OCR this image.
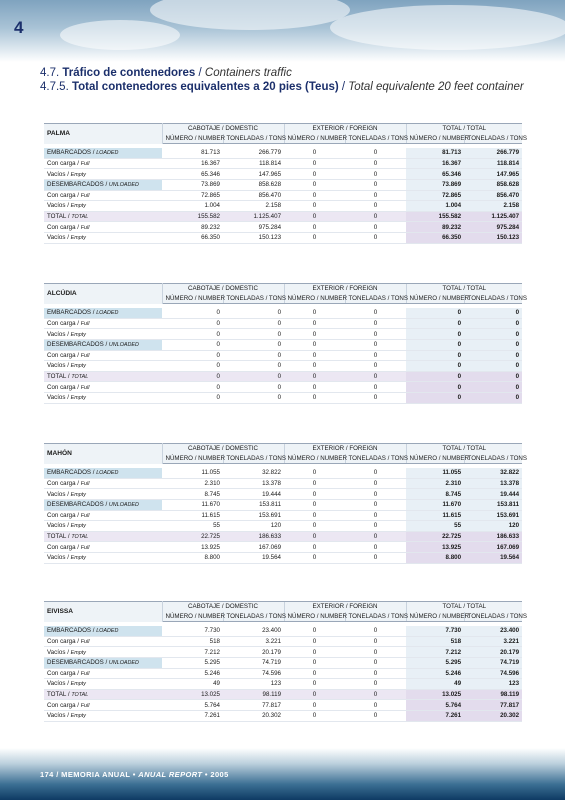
4
4.7. Tráfico de contenedores / Containers traffic
4.7.5. Total contenedores equivalentes a 20 pies (Teus) / Total equivalente 20 feet container
PALMA	CABOTAJE / DOMESTIC		EXTERIOR / FOREIGN		TOTAL / TOTAL	
	NÚMERO / NUMBER	TONELADAS / TONS	NÚMERO / NUMBER	TONELADAS / TONS	NÚMERO / NUMBER	TONELADAS / TONS

EMBARCADOS / LOADED	81.713	266.779	0	0	81.713	266.779
Con carga / Full	16.367	118.814	0	0	16.367	118.814
Vacíos / Empty	65.346	147.965	0	0	65.346	147.965
DESEMBARCADOS / UNLOADED	73.869	858.628	0	0	73.869	858.628
Con carga / Full	72.865	856.470	0	0	72.865	856.470
Vacíos / Empty	1.004	2.158	0	0	1.004	2.158
TOTAL / TOTAL	155.582	1.125.407	0	0	155.582	1.125.407
Con carga / Full	89.232	975.284	0	0	89.232	975.284
Vacíos / Empty	66.350	150.123	0	0	66.350	150.123
ALCÚDIA	CABOTAJE / DOMESTIC		EXTERIOR / FOREIGN		TOTAL / TOTAL	
	NÚMERO / NUMBER	TONELADAS / TONS	NÚMERO / NUMBER	TONELADAS / TONS	NÚMERO / NUMBER	TONELADAS / TONS

EMBARCADOS / LOADED	0	0	0	0	0	0
Con carga / Full	0	0	0	0	0	0
Vacíos / Empty	0	0	0	0	0	0
DESEMBARCADOS / UNLOADED	0	0	0	0	0	0
Con carga / Full	0	0	0	0	0	0
Vacíos / Empty	0	0	0	0	0	0
TOTAL / TOTAL	0	0	0	0	0	0
Con carga / Full	0	0	0	0	0	0
Vacíos / Empty	0	0	0	0	0	0
MAHÓN	CABOTAJE / DOMESTIC		EXTERIOR / FOREIGN		TOTAL / TOTAL	
	NÚMERO / NUMBER	TONELADAS / TONS	NÚMERO / NUMBER	TONELADAS / TONS	NÚMERO / NUMBER	TONELADAS / TONS

EMBARCADOS / LOADED	11.055	32.822	0	0	11.055	32.822
Con carga / Full	2.310	13.378	0	0	2.310	13.378
Vacíos / Empty	8.745	19.444	0	0	8.745	19.444
DESEMBARCADOS / UNLOADED	11.670	153.811	0	0	11.670	153.811
Con carga / Full	11.615	153.691	0	0	11.615	153.691
Vacíos / Empty	55	120	0	0	55	120
TOTAL / TOTAL	22.725	186.633	0	0	22.725	186.633
Con carga / Full	13.925	167.069	0	0	13.925	167.069
Vacíos / Empty	8.800	19.564	0	0	8.800	19.564
EIVISSA	CABOTAJE / DOMESTIC		EXTERIOR / FOREIGN		TOTAL / TOTAL	
	NÚMERO / NUMBER	TONELADAS / TONS	NÚMERO / NUMBER	TONELADAS / TONS	NÚMERO / NUMBER	TONELADAS / TONS

EMBARCADOS / LOADED	7.730	23.400	0	0	7.730	23.400
Con carga / Full	518	3.221	0	0	518	3.221
Vacíos / Empty	7.212	20.179	0	0	7.212	20.179
DESEMBARCADOS / UNLOADED	5.295	74.719	0	0	5.295	74.719
Con carga / Full	5.246	74.596	0	0	5.246	74.596
Vacíos / Empty	49	123	0	0	49	123
TOTAL / TOTAL	13.025	98.119	0	0	13.025	98.119
Con carga / Full	5.764	77.817	0	0	5.764	77.817
Vacíos / Empty	7.261	20.302	0	0	7.261	20.302
174 / MEMORIA ANUAL • ANUAL REPORT • 2005
